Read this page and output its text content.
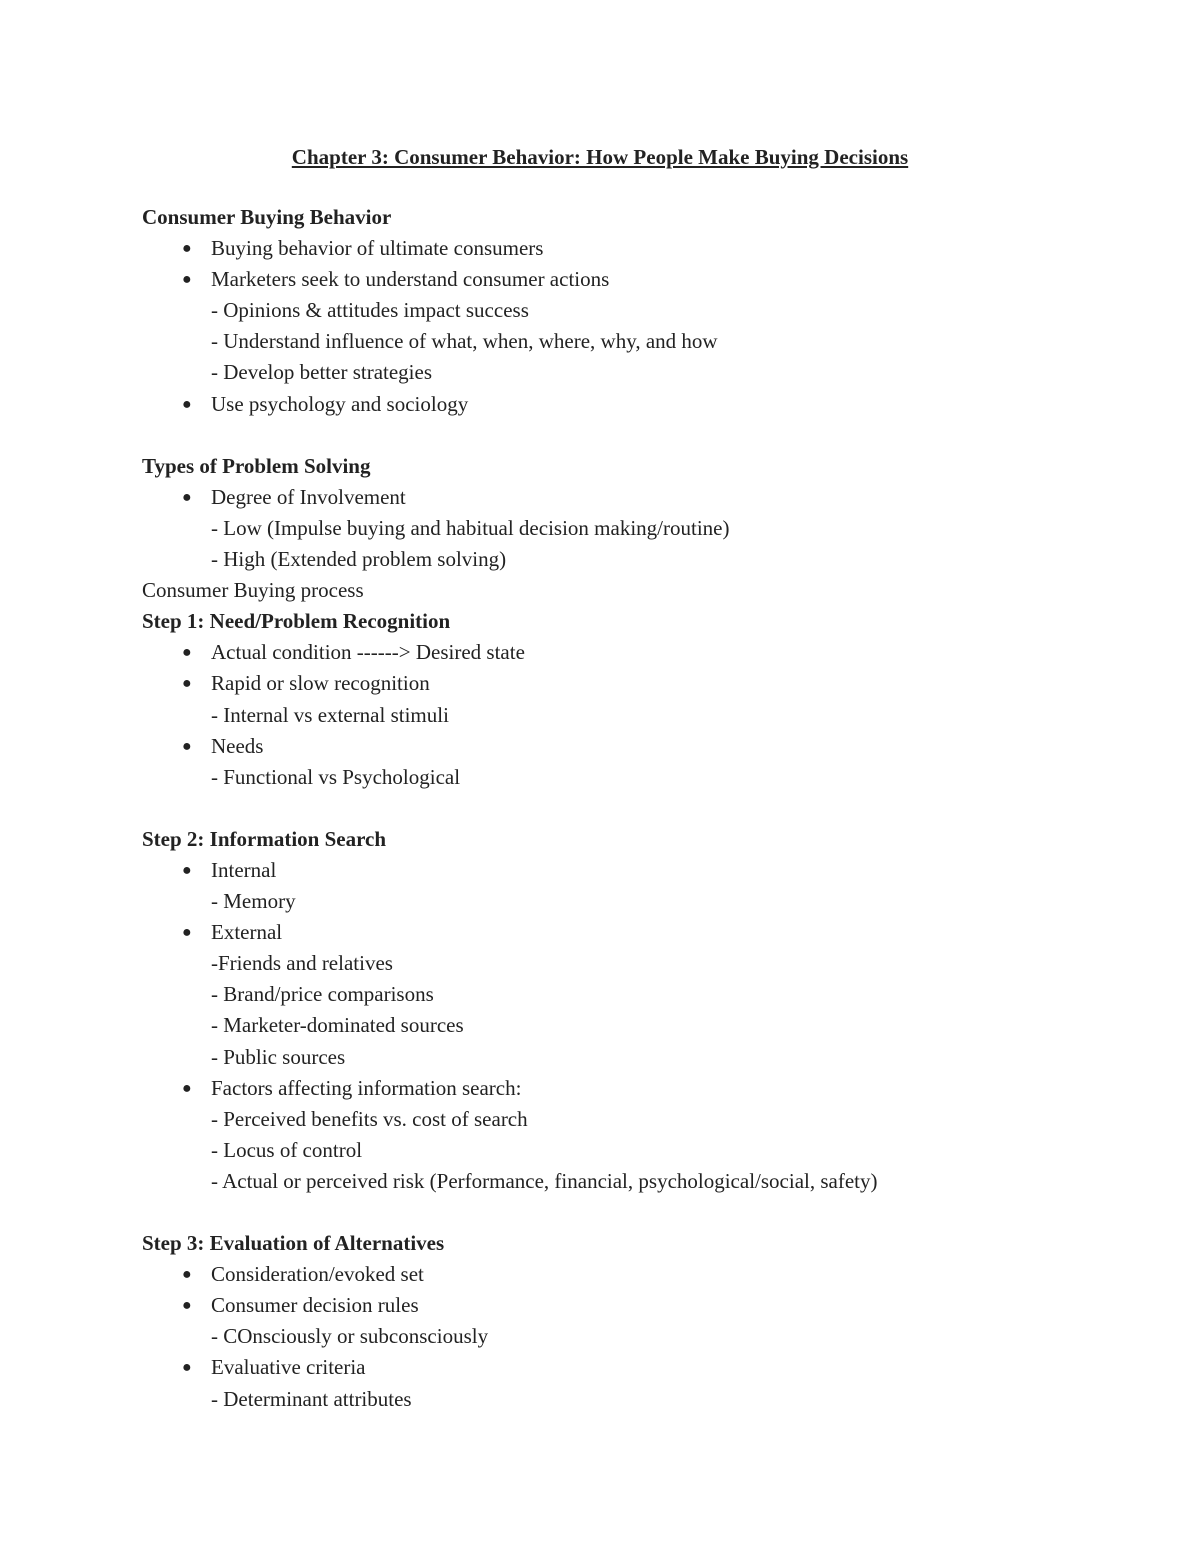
Chapter 3: Consumer Behavior: How People Make Buying Decisions
Consumer Buying Behavior
● Buying behavior of ultimate consumers
● Marketers seek to understand consumer actions
- Opinions & attitudes impact success
- Understand influence of what, when, where, why, and how
- Develop better strategies
● Use psychology and sociology
Types of Problem Solving
● Degree of Involvement
- Low (Impulse buying and habitual decision making/routine)
- High (Extended problem solving)
Consumer Buying process
Step 1: Need/Problem Recognition
● Actual condition ------> Desired state
● Rapid or slow recognition
- Internal vs external stimuli
● Needs
- Functional vs Psychological
Step 2: Information Search
● Internal
- Memory
● External
-Friends and relatives
- Brand/price comparisons
- Marketer-dominated sources
- Public sources
● Factors affecting information search:
- Perceived benefits vs. cost of search
- Locus of control
- Actual or perceived risk (Performance, financial, psychological/social, safety)
Step 3: Evaluation of Alternatives
● Consideration/evoked set
● Consumer decision rules
- COnsciously or subconsciously
● Evaluative criteria
- Determinant attributes
